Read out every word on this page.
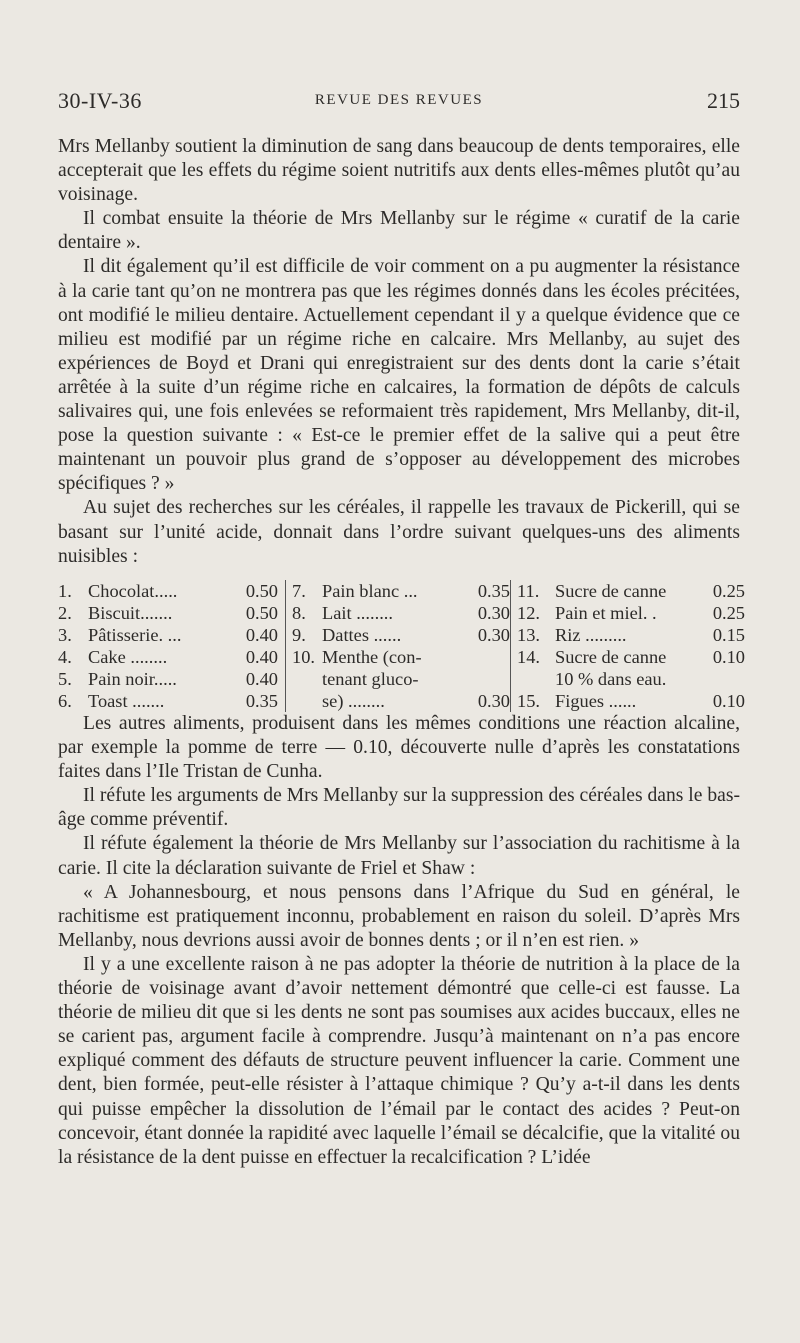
30-IV-36	REVUE DES REVUES	215

Mrs Mellanby soutient la diminution de sang dans beaucoup de dents temporaires, elle accepterait que les effets du régime soient nutritifs aux dents elles-mêmes plutôt qu’au voisinage.

Il combat ensuite la théorie de Mrs Mellanby sur le régime « curatif de la carie dentaire ».

Il dit également qu’il est difficile de voir comment on a pu augmenter la résistance à la carie tant qu’on ne montrera pas que les régimes donnés dans les écoles précitées, ont modifié le milieu dentaire. Actuellement cependant il y a quelque évidence que ce milieu est modifié par un régime riche en calcaire. Mrs Mellanby, au sujet des expériences de Boyd et Drani qui enregistraient sur des dents dont la carie s’était arrêtée à la suite d’un régime riche en calcaires, la formation de dépôts de calculs salivaires qui, une fois enlevées se reformaient très rapidement, Mrs Mellanby, dit-il, pose la question suivante : « Est-ce le premier effet de la salive qui a peut être maintenant un pouvoir plus grand de s’opposer au développement des microbes spécifiques ? »

Au sujet des recherches sur les céréales, il rappelle les travaux de Pickerill, qui se basant sur l’unité acide, donnait dans l’ordre suivant quelques-uns des aliments nuisibles :

1. Chocolat.....	0.50
2. Biscuit.......	0.50
3. Pâtisserie. ...	0.40
4. Cake ........	0.40
5. Pain noir.....	0.40
6. Toast .......	0.35
7. Pain blanc ...	0.35
8. Lait ........	0.30
9. Dattes ......	0.30
10. Menthe (con-
tenant gluco-
se) ........	0.30
11. Sucre de canne	0.25
12. Pain et miel. .	0.25
13. Riz .........	0.15
14. Sucre de canne	0.10
10 % dans eau.
15. Figues ......	0.10

Les autres aliments, produisent dans les mêmes conditions une réaction alcaline, par exemple la pomme de terre — 0.10, découverte nulle d’après les constatations faites dans l’Ile Tristan de Cunha.

Il réfute les arguments de Mrs Mellanby sur la suppression des céréales dans le bas-âge comme préventif.

Il réfute également la théorie de Mrs Mellanby sur l’association du rachitisme à la carie. Il cite la déclaration suivante de Friel et Shaw :

« A Johannesbourg, et nous pensons dans l’Afrique du Sud en général, le rachitisme est pratiquement inconnu, probablement en raison du soleil. D’après Mrs Mellanby, nous devrions aussi avoir de bonnes dents ; or il n’en est rien. »

Il y a une excellente raison à ne pas adopter la théorie de nutrition à la place de la théorie de voisinage avant d’avoir nettement démontré que celle-ci est fausse. La théorie de milieu dit que si les dents ne sont pas soumises aux acides buccaux, elles ne se carient pas, argument facile à comprendre. Jusqu’à maintenant on n’a pas encore expliqué comment des défauts de structure peuvent influencer la carie. Comment une dent, bien formée, peut-elle résister à l’attaque chimique ? Qu’y a-t-il dans les dents qui puisse empêcher la dissolution de l’émail par le contact des acides ? Peut-on concevoir, étant donnée la rapidité avec laquelle l’émail se décalcifie, que la vitalité ou la résistance de la dent puisse en effectuer la recalcification ? L’idée
